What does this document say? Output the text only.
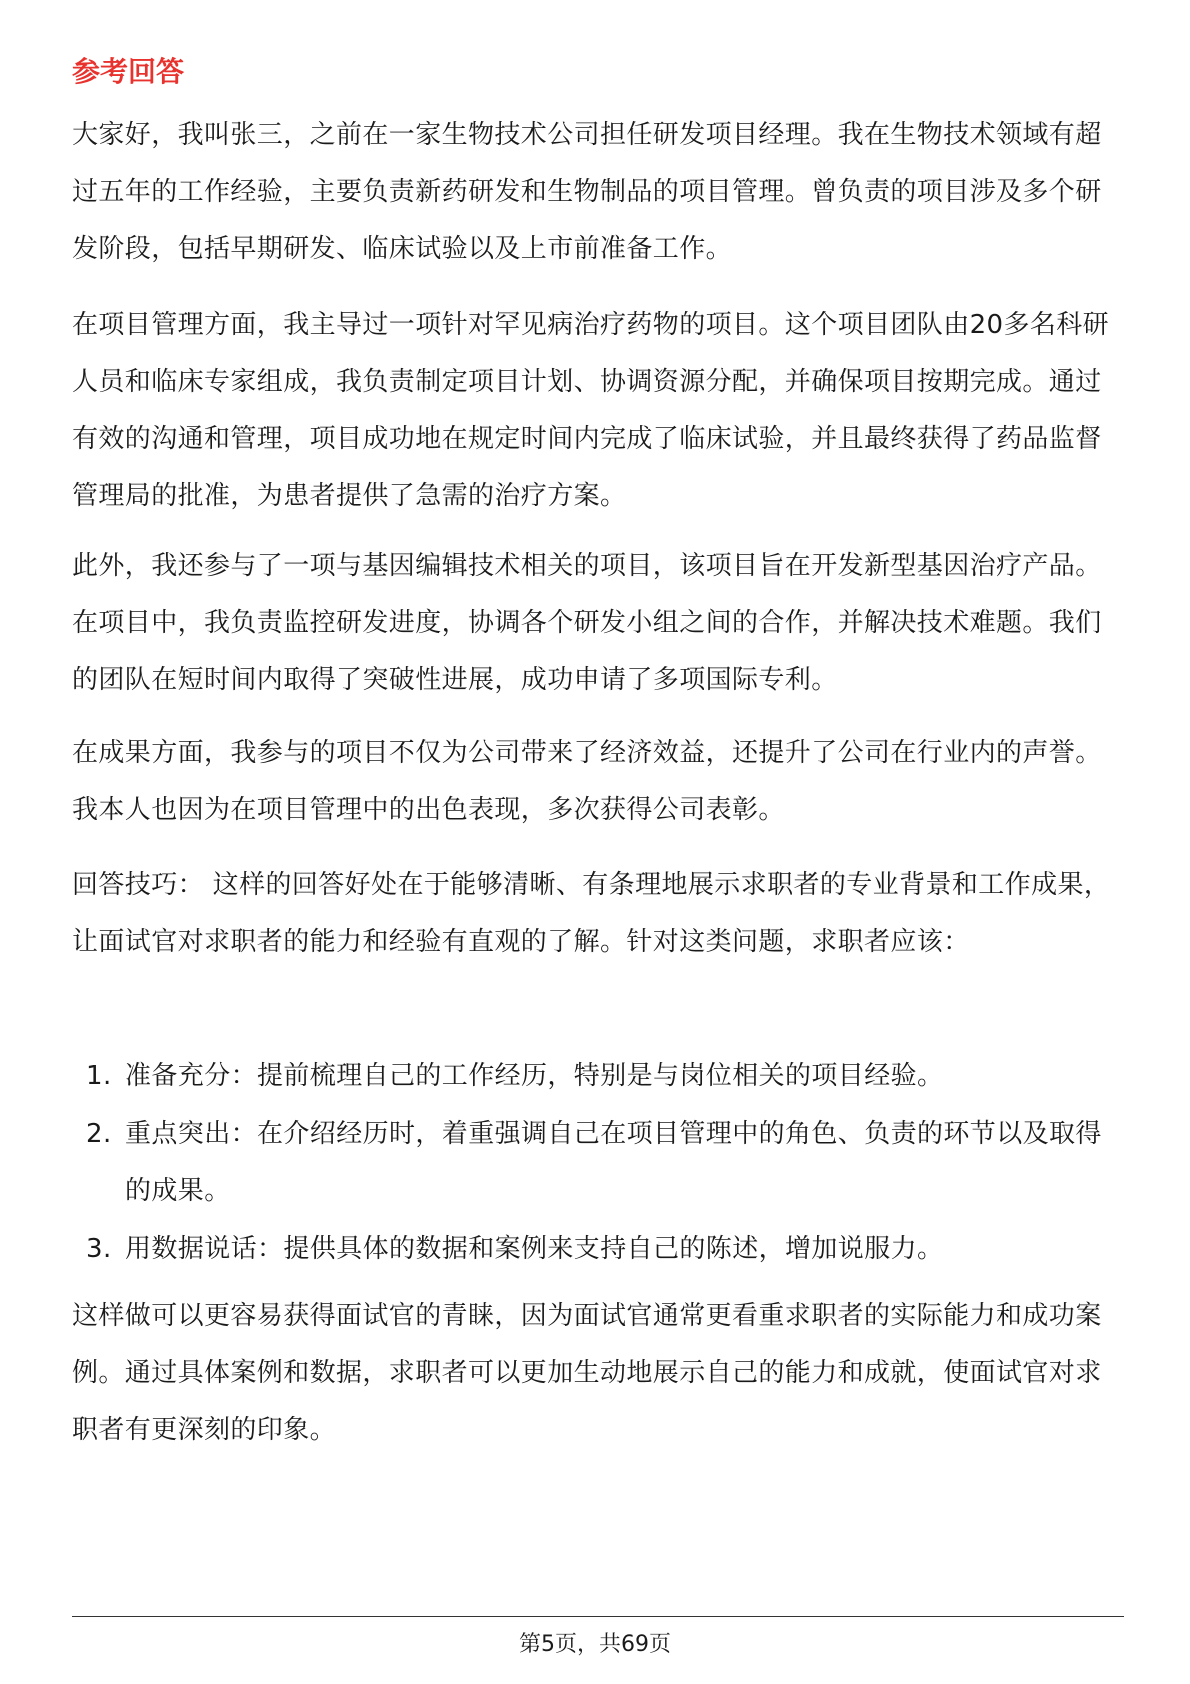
参考回答

大家好，我叫张三，之前在一家生物技术公司担任研发项目经理。我在生物技术领域有超过五年的工作经验，主要负责新药研发和生物制品的项目管理。曾负责的项目涉及多个研发阶段，包括早期研发、临床试验以及上市前准备工作。

在项目管理方面，我主导过一项针对罕见病治疗药物的项目。这个项目团队由20多名科研人员和临床专家组成，我负责制定项目计划、协调资源分配，并确保项目按期完成。通过有效的沟通和管理，项目成功地在规定时间内完成了临床试验，并且最终获得了药品监督管理局的批准，为患者提供了急需的治疗方案。

此外，我还参与了一项与基因编辑技术相关的项目，该项目旨在开发新型基因治疗产品。在项目中，我负责监控研发进度，协调各个研发小组之间的合作，并解决技术难题。我们的团队在短时间内取得了突破性进展，成功申请了多项国际专利。

在成果方面，我参与的项目不仅为公司带来了经济效益，还提升了公司在行业内的声誉。我本人也因为在项目管理中的出色表现，多次获得公司表彰。

回答技巧： 这样的回答好处在于能够清晰、有条理地展示求职者的专业背景和工作成果，让面试官对求职者的能力和经验有直观的了解。针对这类问题，求职者应该：

1. 准备充分：提前梳理自己的工作经历，特别是与岗位相关的项目经验。
2. 重点突出：在介绍经历时，着重强调自己在项目管理中的角色、负责的环节以及取得的成果。
3. 用数据说话：提供具体的数据和案例来支持自己的陈述，增加说服力。

这样做可以更容易获得面试官的青睐，因为面试官通常更看重求职者的实际能力和成功案例。通过具体案例和数据，求职者可以更加生动地展示自己的能力和成就，使面试官对求职者有更深刻的印象。

第5页，共69页
